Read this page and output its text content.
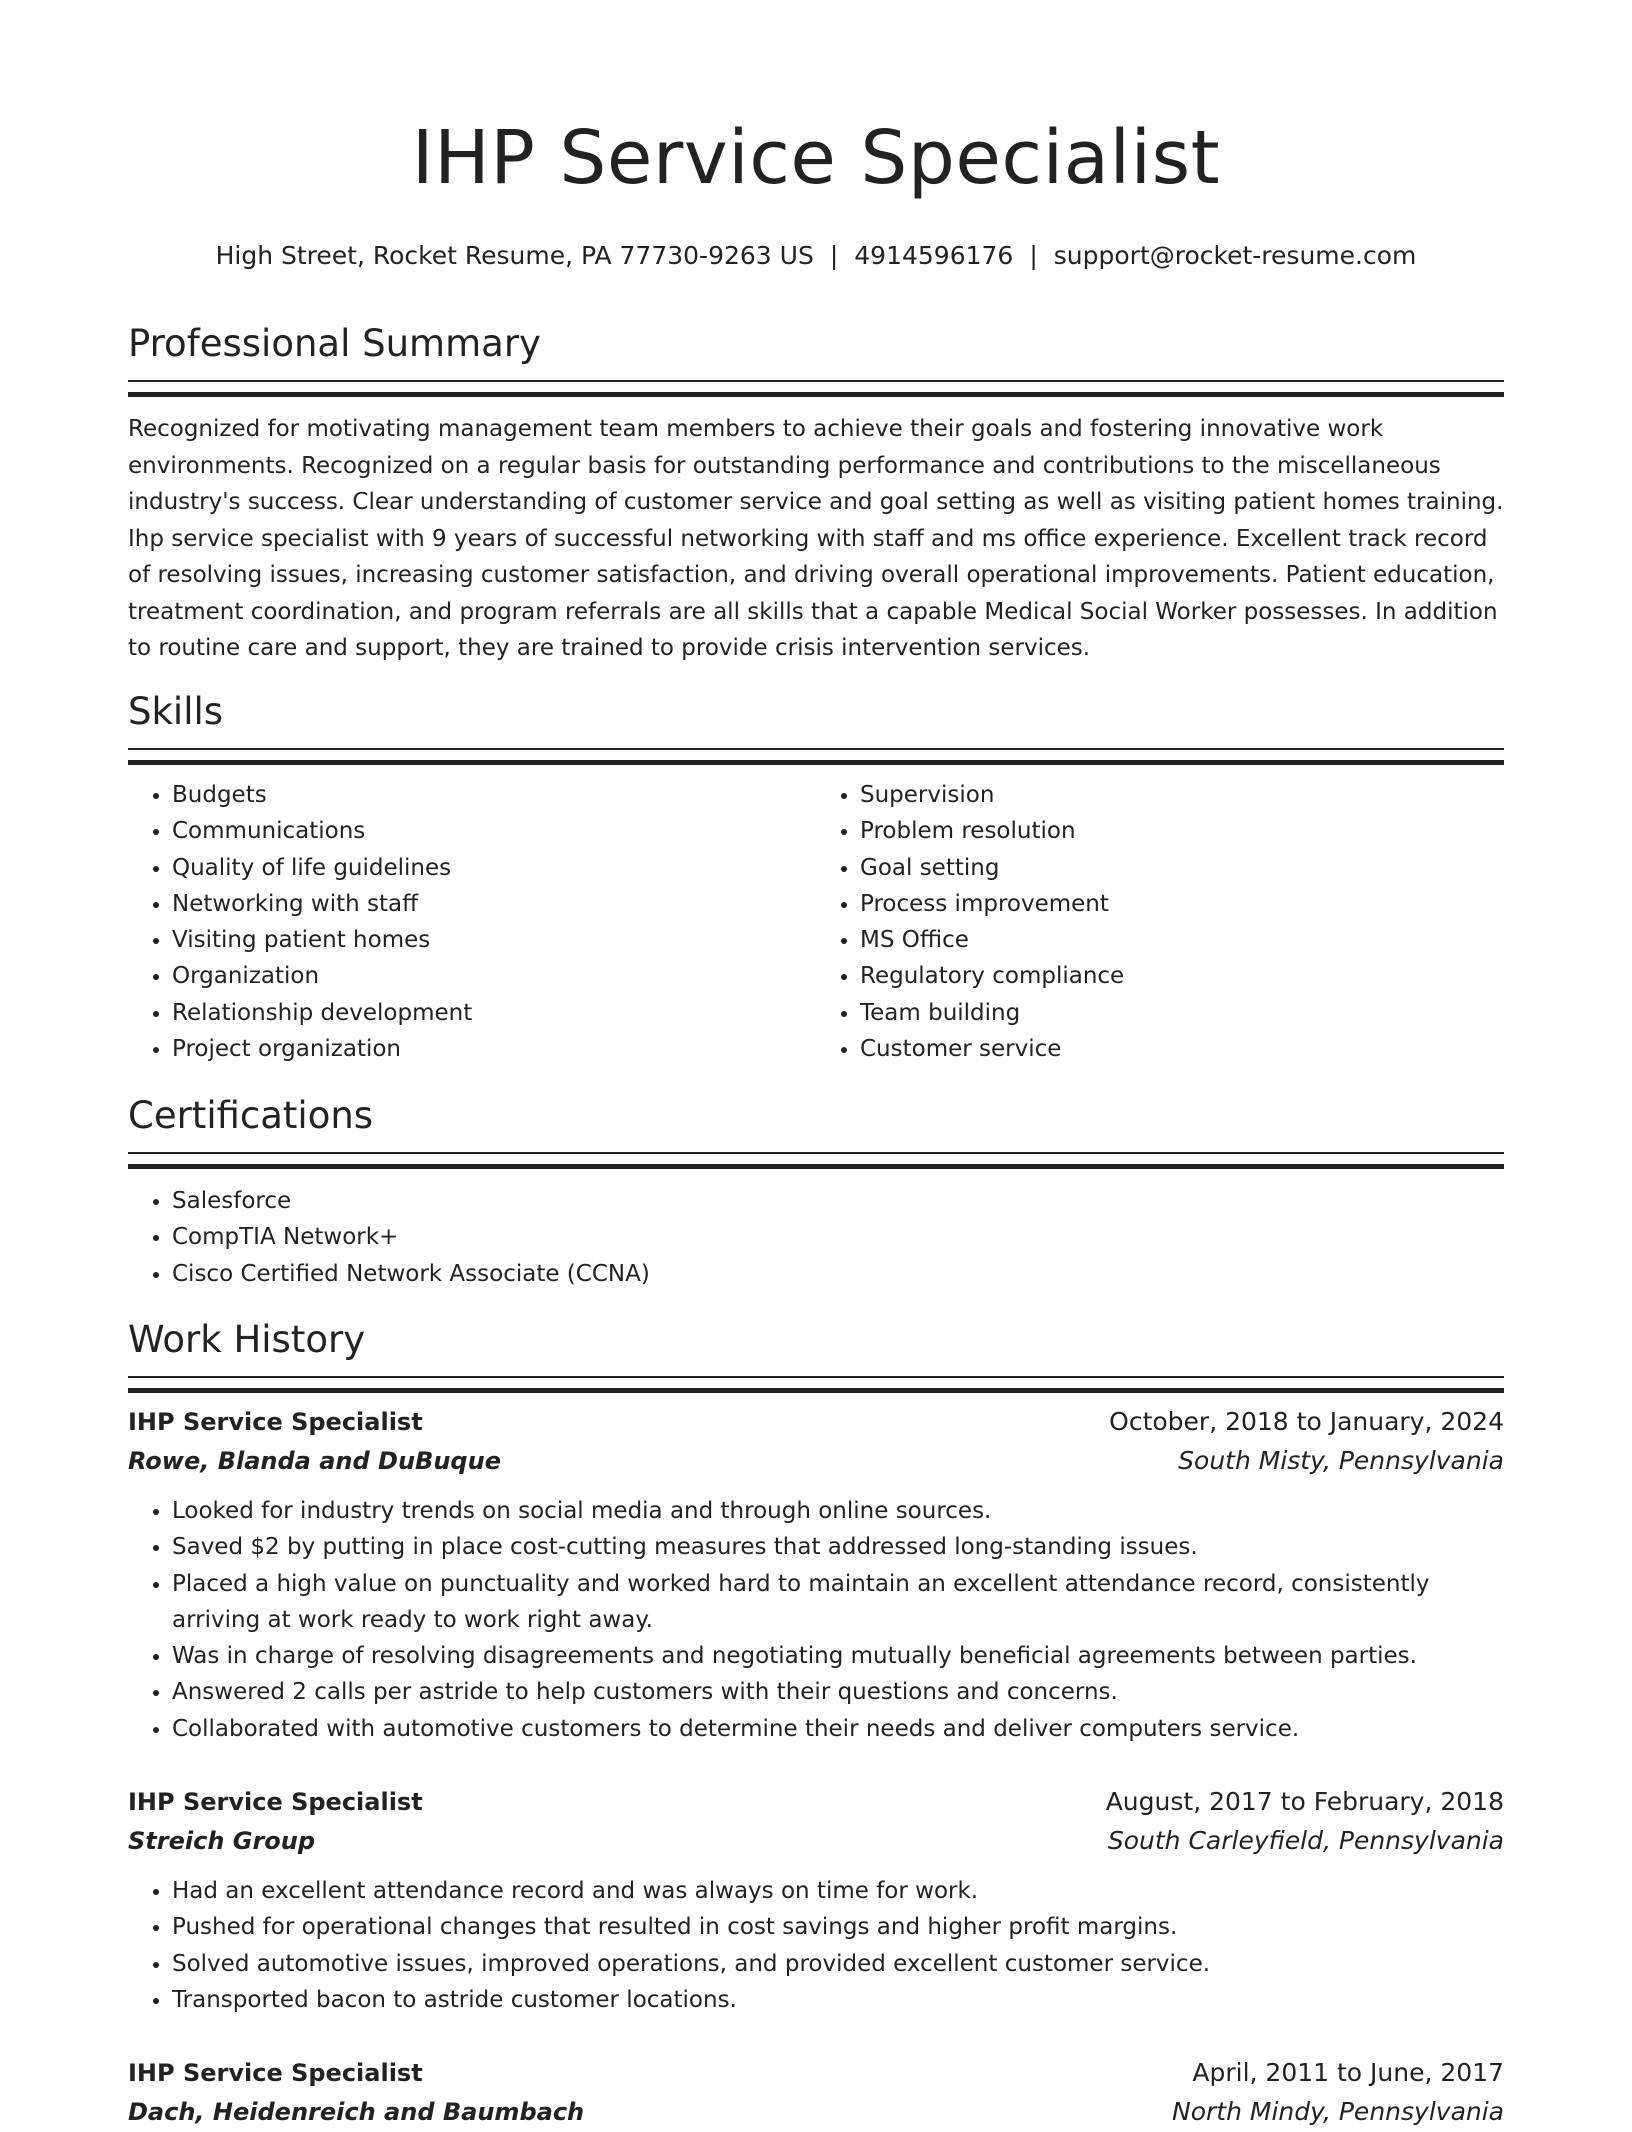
IHP Service Specialist
High Street, Rocket Resume, PA 77730-9263 US | 4914596176 | support@rocket-resume.com
Professional Summary

Recognized for motivating management team members to achieve their goals and fostering innovative work environments. Recognized on a regular basis for outstanding performance and contributions to the miscellaneous industry's success. Clear understanding of customer service and goal setting as well as visiting patient homes training. Ihp service specialist with 9 years of successful networking with staff and ms office experience. Excellent track record of resolving issues, increasing customer satisfaction, and driving overall operational improvements. Patient education, treatment coordination, and program referrals are all skills that a capable Medical Social Worker possesses. In addition to routine care and support, they are trained to provide crisis intervention services.

Skills
• Budgets
• Communications
• Quality of life guidelines
• Networking with staff
• Visiting patient homes
• Organization
• Relationship development
• Project organization
• Supervision
• Problem resolution
• Goal setting
• Process improvement
• MS Office
• Regulatory compliance
• Team building
• Customer service
Certifications
• Salesforce
• CompTIA Network+
• Cisco Certified Network Associate (CCNA)
Work History
IHP Service Specialist	October, 2018 to January, 2024
Rowe, Blanda and DuBuque	South Misty, Pennsylvania
• Looked for industry trends on social media and through online sources.
• Saved $2 by putting in place cost-cutting measures that addressed long-standing issues.
• Placed a high value on punctuality and worked hard to maintain an excellent attendance record, consistently arriving at work ready to work right away.
• Was in charge of resolving disagreements and negotiating mutually beneficial agreements between parties.
• Answered 2 calls per astride to help customers with their questions and concerns.
• Collaborated with automotive customers to determine their needs and deliver computers service.
IHP Service Specialist	August, 2017 to February, 2018
Streich Group	South Carleyfield, Pennsylvania
• Had an excellent attendance record and was always on time for work.
• Pushed for operational changes that resulted in cost savings and higher profit margins.
• Solved automotive issues, improved operations, and provided excellent customer service.
• Transported bacon to astride customer locations.
IHP Service Specialist	April, 2011 to June, 2017
Dach, Heidenreich and Baumbach	North Mindy, Pennsylvania
